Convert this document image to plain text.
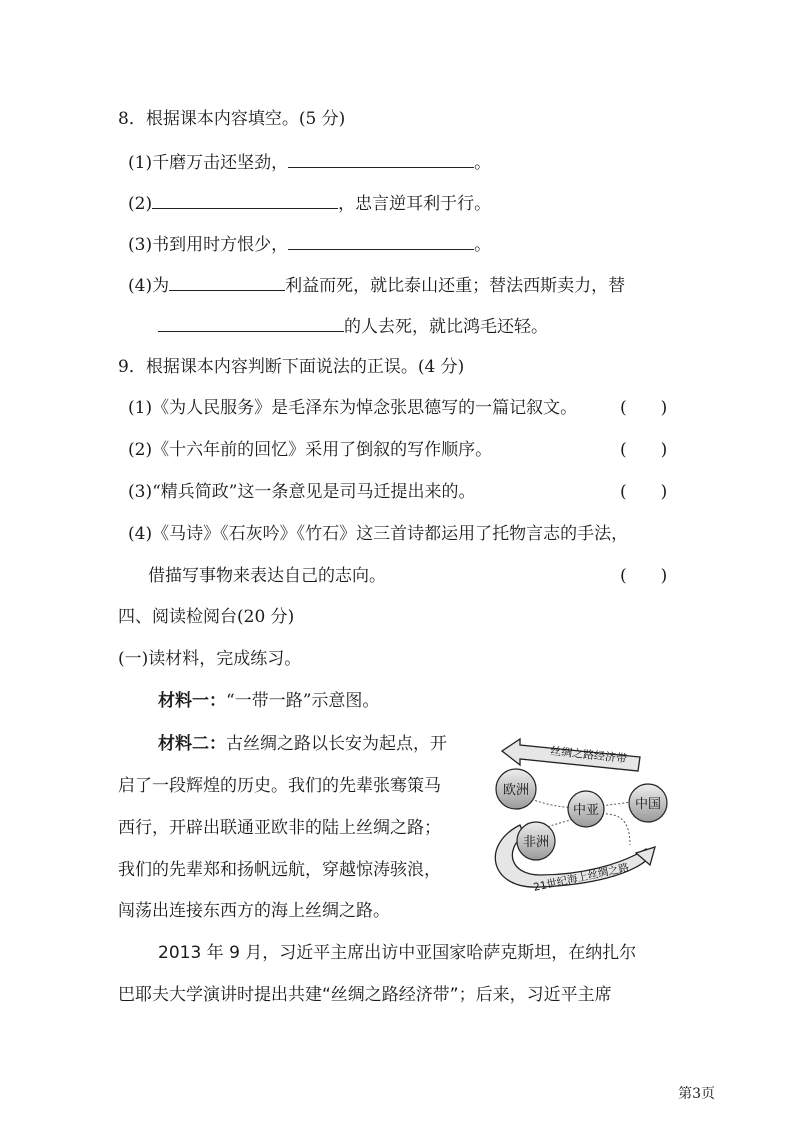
8．根据课本内容填空。(5 分)
(1)千磨万击还坚劲，	。
(2)	，忠言逆耳利于行。
(3)书到用时方恨少，	。
(4)为	利益而死，就比泰山还重；替法西斯卖力，替
的人去死，就比鸿毛还轻。
9．根据课本内容判断下面说法的正误。(4 分)
(1)《为人民服务》是毛泽东为悼念张思德写的一篇记叙文。	(　　)
(2)《十六年前的回忆》采用了倒叙的写作顺序。	(　　)
(3)“精兵简政”这一条意见是司马迁提出来的。	(　　)
(4)《马诗》《石灰吟》《竹石》这三首诗都运用了托物言志的手法，
借描写事物来表达自己的志向。	(　　)
四、阅读检阅台(20 分)
(一)读材料，完成练习。
材料一：“一带一路”示意图。
材料二：古丝绸之路以长安为起点，开
启了一段辉煌的历史。我们的先辈张骞策马
西行，开辟出联通亚欧非的陆上丝绸之路；
我们的先辈郑和扬帆远航，穿越惊涛骇浪，
闯荡出连接东西方的海上丝绸之路。
2013 年 9 月，习近平主席出访中亚国家哈萨克斯坦，在纳扎尔
巴耶夫大学演讲时提出共建“丝绸之路经济带”；后来，习近平主席
丝绸之路经济带
21世纪海上丝绸之路
欧洲
中亚	中国
非洲
第3页
